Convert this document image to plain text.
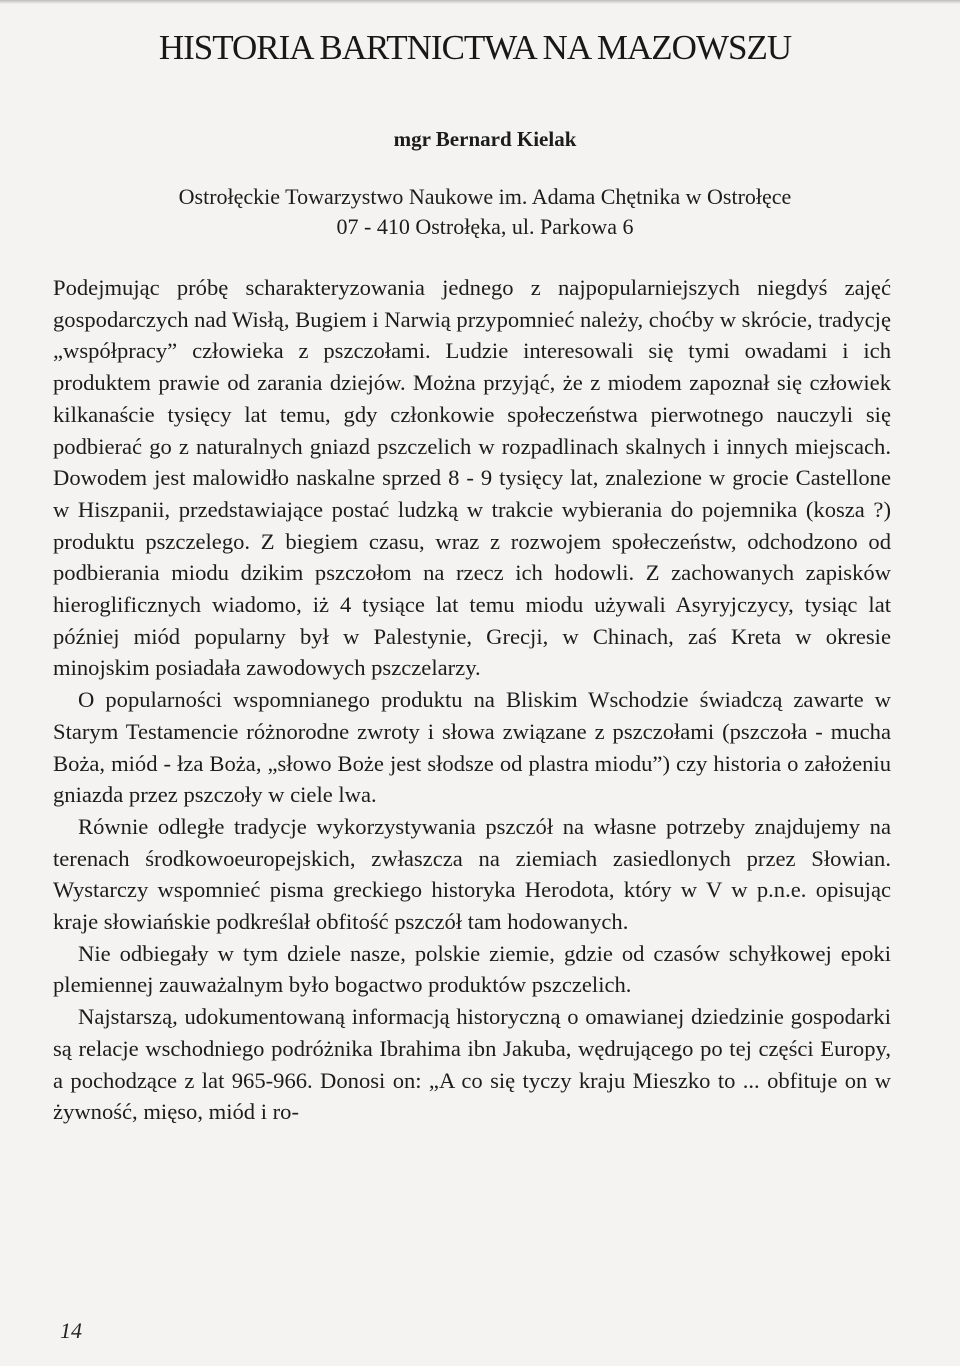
HISTORIA BARTNICTWA NA MAZOWSZU
mgr Bernard Kielak
Ostrołęckie Towarzystwo Naukowe im. Adama Chętnika w Ostrołęce
07 - 410 Ostrołęka, ul. Parkowa 6

Podejmując próbę scharakteryzowania jednego z najpopularniejszych niegdyś zajęć gospodarczych nad Wisłą, Bugiem i Narwią przypomnieć należy, choćby w skrócie, tradycję „współpracy” człowieka z pszczołami. Ludzie interesowali się tymi owadami i ich produktem prawie od zarania dziejów. Można przyjąć, że z miodem zapoznał się człowiek kilkanaście tysięcy lat temu, gdy członkowie społeczeństwa pierwotnego nauczyli się podbierać go z naturalnych gniazd pszczelich w rozpadlinach skalnych i innych miejscach. Dowodem jest malowidło naskalne sprzed 8 - 9 tysięcy lat, znalezione w grocie Castellone w Hiszpanii, przedstawiające postać ludzką w trakcie wybierania do pojemnika (kosza ?) produktu pszczelego. Z biegiem czasu, wraz z rozwojem społeczeństw, odchodzono od podbierania miodu dzikim pszczołom na rzecz ich hodowli. Z zachowanych zapisków hieroglificznych wiadomo, iż 4 tysiące lat temu miodu używali Asyryjczycy, tysiąc lat później miód popularny był w Palestynie, Grecji, w Chinach, zaś Kreta w okresie minojskim posiadała zawodowych pszczelarzy.

O popularności wspomnianego produktu na Bliskim Wschodzie świadczą zawarte w Starym Testamencie różnorodne zwroty i słowa związane z pszczołami (pszczoła - mucha Boża, miód - łza Boża, „słowo Boże jest słodsze od plastra miodu”) czy historia o założeniu gniazda przez pszczoły w ciele lwa.

Równie odległe tradycje wykorzystywania pszczół na własne potrzeby znajdujemy na terenach środkowoeuropejskich, zwłaszcza na ziemiach zasiedlonych przez Słowian. Wystarczy wspomnieć pisma greckiego historyka Herodota, który w V w p.n.e. opisując kraje słowiańskie podkreślał obfitość pszczół tam hodowanych.

Nie odbiegały w tym dziele nasze, polskie ziemie, gdzie od czasów schyłkowej epoki plemiennej zauważalnym było bogactwo produktów pszczelich.

Najstarszą, udokumentowaną informacją historyczną o omawianej dziedzinie gospodarki są relacje wschodniego podróżnika Ibrahima ibn Jakuba, wędrującego po tej części Europy, a pochodzące z lat 965-966. Donosi on: „A co się tyczy kraju Mieszko to ... obfituje on w żywność, mięso, miód i ro-

14
